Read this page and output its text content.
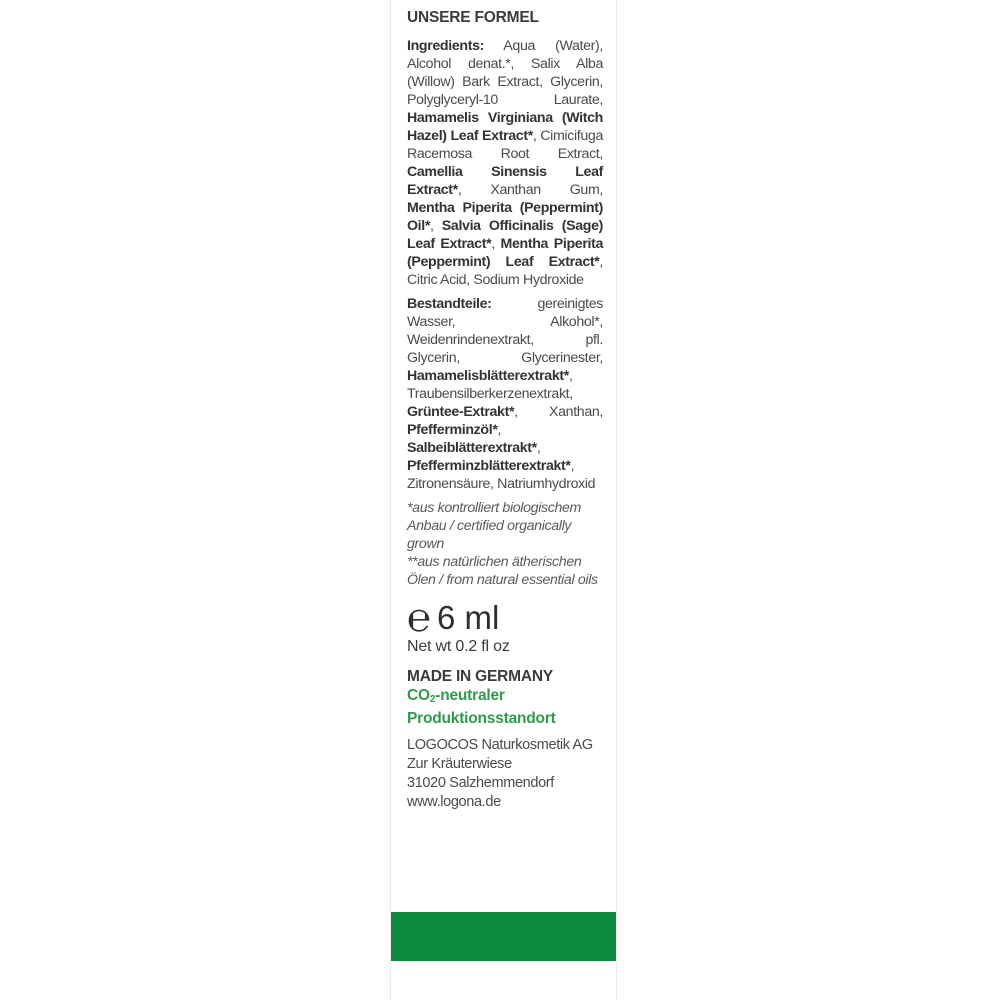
UNSERE FORMEL
Ingredients: Aqua (Water), Alcohol denat.*, Salix Alba (Willow) Bark Extract, Glycerin, Polyglyceryl-10 Laurate, Hamamelis Virginiana (Witch Hazel) Leaf Extract*, Cimicifuga Racemosa Root Extract, Camellia Sinensis Leaf Extract*, Xanthan Gum, Mentha Piperita (Peppermint) Oil*, Salvia Officinalis (Sage) Leaf Extract*, Mentha Piperita (Peppermint) Leaf Extract*, Citric Acid, Sodium Hydroxide
Bestandteile:	gereinigtes Wasser, Alkohol*, Weidenrindenextrakt, pfl. Glycerin, Glycerinester, Hamamelisblätterextrakt*, Traubensilberkerzenextrakt, Grüntee-Extrakt*, Xanthan, Pfefferminzöl*, Salbeiblätterextrakt*, Pfefferminzblätterextrakt*, Zitronensäure, Natriumhydroxid
*aus kontrolliert biologischem Anbau / certified organically grown
**aus natürlichen ätherischen Ölen / from natural essential oils
℮ 6 ml
Net wt 0.2 fl oz
MADE IN GERMANY
$CO_2$-neutraler Produktionsstandort
LOGOCOS Naturkosmetik AG
Zur Kräuterwiese
31020 Salzhemmendorf
www.logona.de
